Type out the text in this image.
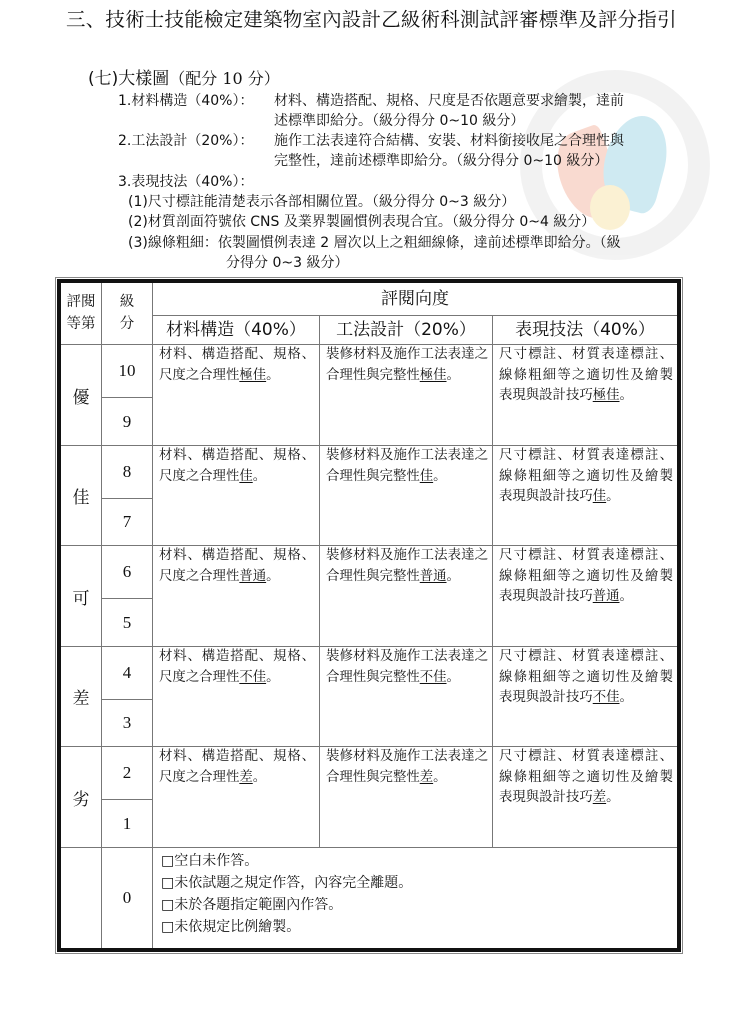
三、技術士技能檢定建築物室內設計乙級術科測試評審標準及評分指引
(七)大樣圖（配分 10 分）
1.材料構造（40%）： 材料、構造搭配、規格、尺度是否依題意要求繪製，達前
述標準即給分。（級分得分 0~10 級分）
2.工法設計（20%）： 施作工法表達符合結構、安裝、材料銜接收尾之合理性與
完整性，達前述標準即給分。（級分得分 0~10 級分）
3.表現技法（40%）：
(1)尺寸標註能清楚表示各部相關位置。（級分得分 0~3 級分）
(2)材質剖面符號依 CNS 及業界製圖慣例表現合宜。（級分得分 0~4 級分）
(3)線條粗細：依製圖慣例表達 2 層次以上之粗細線條，達前述標準即給分。（級
分得分 0~3 級分）
評閱
等第
級
分
評閱向度
材料構造（40%）	工法設計（20%）	表現技法（40%）
優
10
9
材料、構造搭配、規格、尺度之合理性極佳。
裝修材料及施作工法表達之合理性與完整性極佳。
尺寸標註、材質表達標註、線條粗細等之適切性及繪製表現與設計技巧極佳。
佳
8
7
材料、構造搭配、規格、尺度之合理性佳。
裝修材料及施作工法表達之合理性與完整性佳。
尺寸標註、材質表達標註、線條粗細等之適切性及繪製表現與設計技巧佳。
可
6
5
材料、構造搭配、規格、尺度之合理性普通。
裝修材料及施作工法表達之合理性與完整性普通。
尺寸標註、材質表達標註、線條粗細等之適切性及繪製表現與設計技巧普通。
差
4
3
材料、構造搭配、規格、尺度之合理性不佳。
裝修材料及施作工法表達之合理性與完整性不佳。
尺寸標註、材質表達標註、線條粗細等之適切性及繪製表現與設計技巧不佳。
劣
2
1
材料、構造搭配、規格、尺度之合理性差。
裝修材料及施作工法表達之合理性與完整性差。
尺寸標註、材質表達標註、線條粗細等之適切性及繪製表現與設計技巧差。
0
□空白未作答。
□未依試題之規定作答，內容完全離題。
□未於各題指定範圍內作答。
□未依規定比例繪製。
